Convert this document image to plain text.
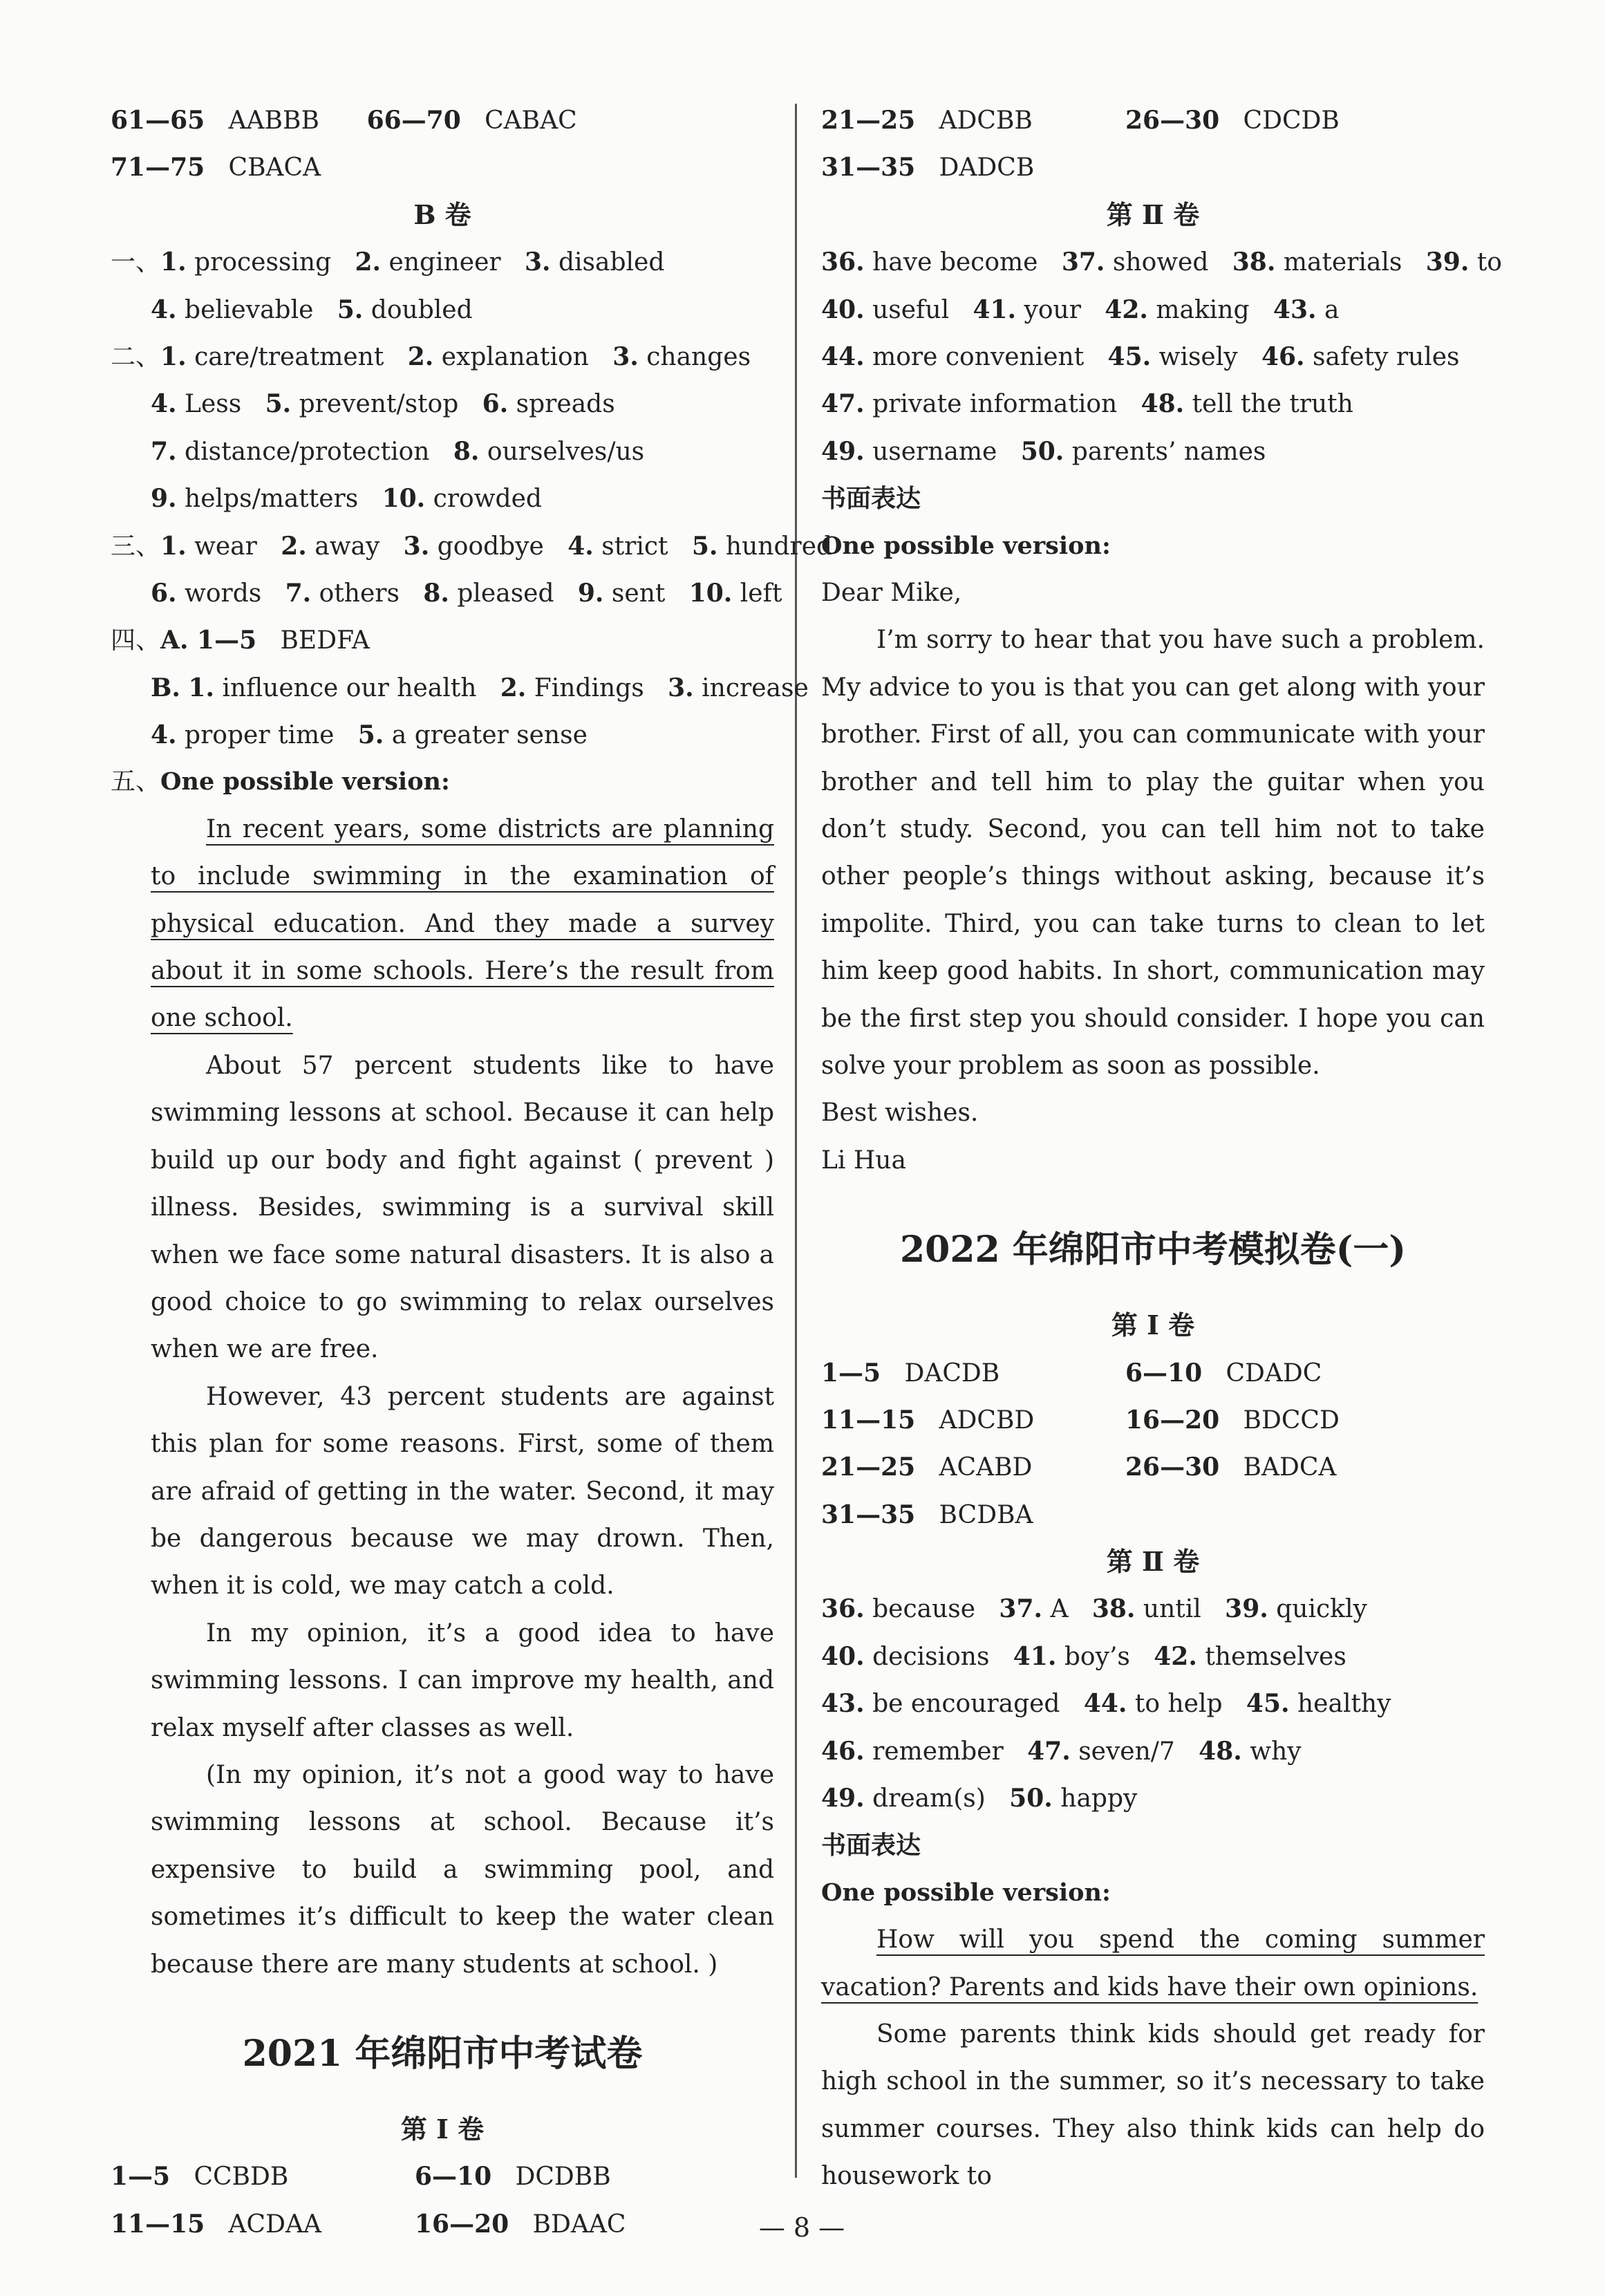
61—65 AABBB 66—70 CABAC
71—75 CBACA
B 卷
一、1. processing 2. engineer 3. disabled
4. believable 5. doubled
二、1. care/treatment 2. explanation 3. changes
4. Less 5. prevent/stop 6. spreads
7. distance/protection 8. ourselves/us
9. helps/matters 10. crowded
三、1. wear 2. away 3. goodbye 4. strict 5. hundred
6. words 7. others 8. pleased 9. sent 10. left
四、A. 1—5 BEDFA
B. 1. influence our health 2. Findings 3. increase
4. proper time 5. a greater sense
五、One possible version:

In recent years, some districts are planning to include swimming in the examination of physical education. And they made a survey about it in some schools. Here’s the result from one school.

About 57 percent students like to have swimming lessons at school. Because it can help build up our body and fight against ( prevent ) illness. Besides, swimming is a survival skill when we face some natural disasters. It is also a good choice to go swimming to relax ourselves when we are free.

However, 43 percent students are against this plan for some reasons. First, some of them are afraid of getting in the water. Second, it may be dangerous because we may drown. Then, when it is cold, we may catch a cold.

In my opinion, it’s a good idea to have swimming lessons. I can improve my health, and relax myself after classes as well.

(In my opinion, it’s not a good way to have swimming lessons at school. Because it’s expensive to build a swimming pool, and sometimes it’s difficult to keep the water clean because there are many students at school. )

2021 年绵阳市中考试卷
第 Ⅰ 卷
1—5 CCBDB	6—10 DCDBB
11—15 ACDAA	16—20 BDAAC
21—25 ADCBB	26—30 CDCDB
31—35 DADCB
第 Ⅱ 卷
36. have become 37. showed 38. materials 39. to
40. useful 41. your 42. making 43. a
44. more convenient 45. wisely 46. safety rules
47. private information 48. tell the truth
49. username 50. parents’ names
书面表达
One possible version:
Dear Mike,

I’m sorry to hear that you have such a problem. My advice to you is that you can get along with your brother. First of all, you can communicate with your brother and tell him to play the guitar when you don’t study. Second, you can tell him not to take other people’s things without asking, because it’s impolite. Third, you can take turns to clean to let him keep good habits. In short, communication may be the first step you should consider. I hope you can solve your problem as soon as possible.

Best wishes.
Li Hua
2022 年绵阳市中考模拟卷(一)
第 Ⅰ 卷
1—5 DACDB	6—10 CDADC
11—15 ADCBD	16—20 BDCCD
21—25 ACABD	26—30 BADCA
31—35 BCDBA
第 Ⅱ 卷
36. because 37. A 38. until 39. quickly
40. decisions 41. boy’s 42. themselves
43. be encouraged 44. to help 45. healthy
46. remember 47. seven/7 48. why
49. dream(s) 50. happy
书面表达
One possible version:

How will you spend the coming summer vacation? Parents and kids have their own opinions.

Some parents think kids should get ready for high school in the summer, so it’s necessary to take summer courses. They also think kids can help do housework to

— 8 —
